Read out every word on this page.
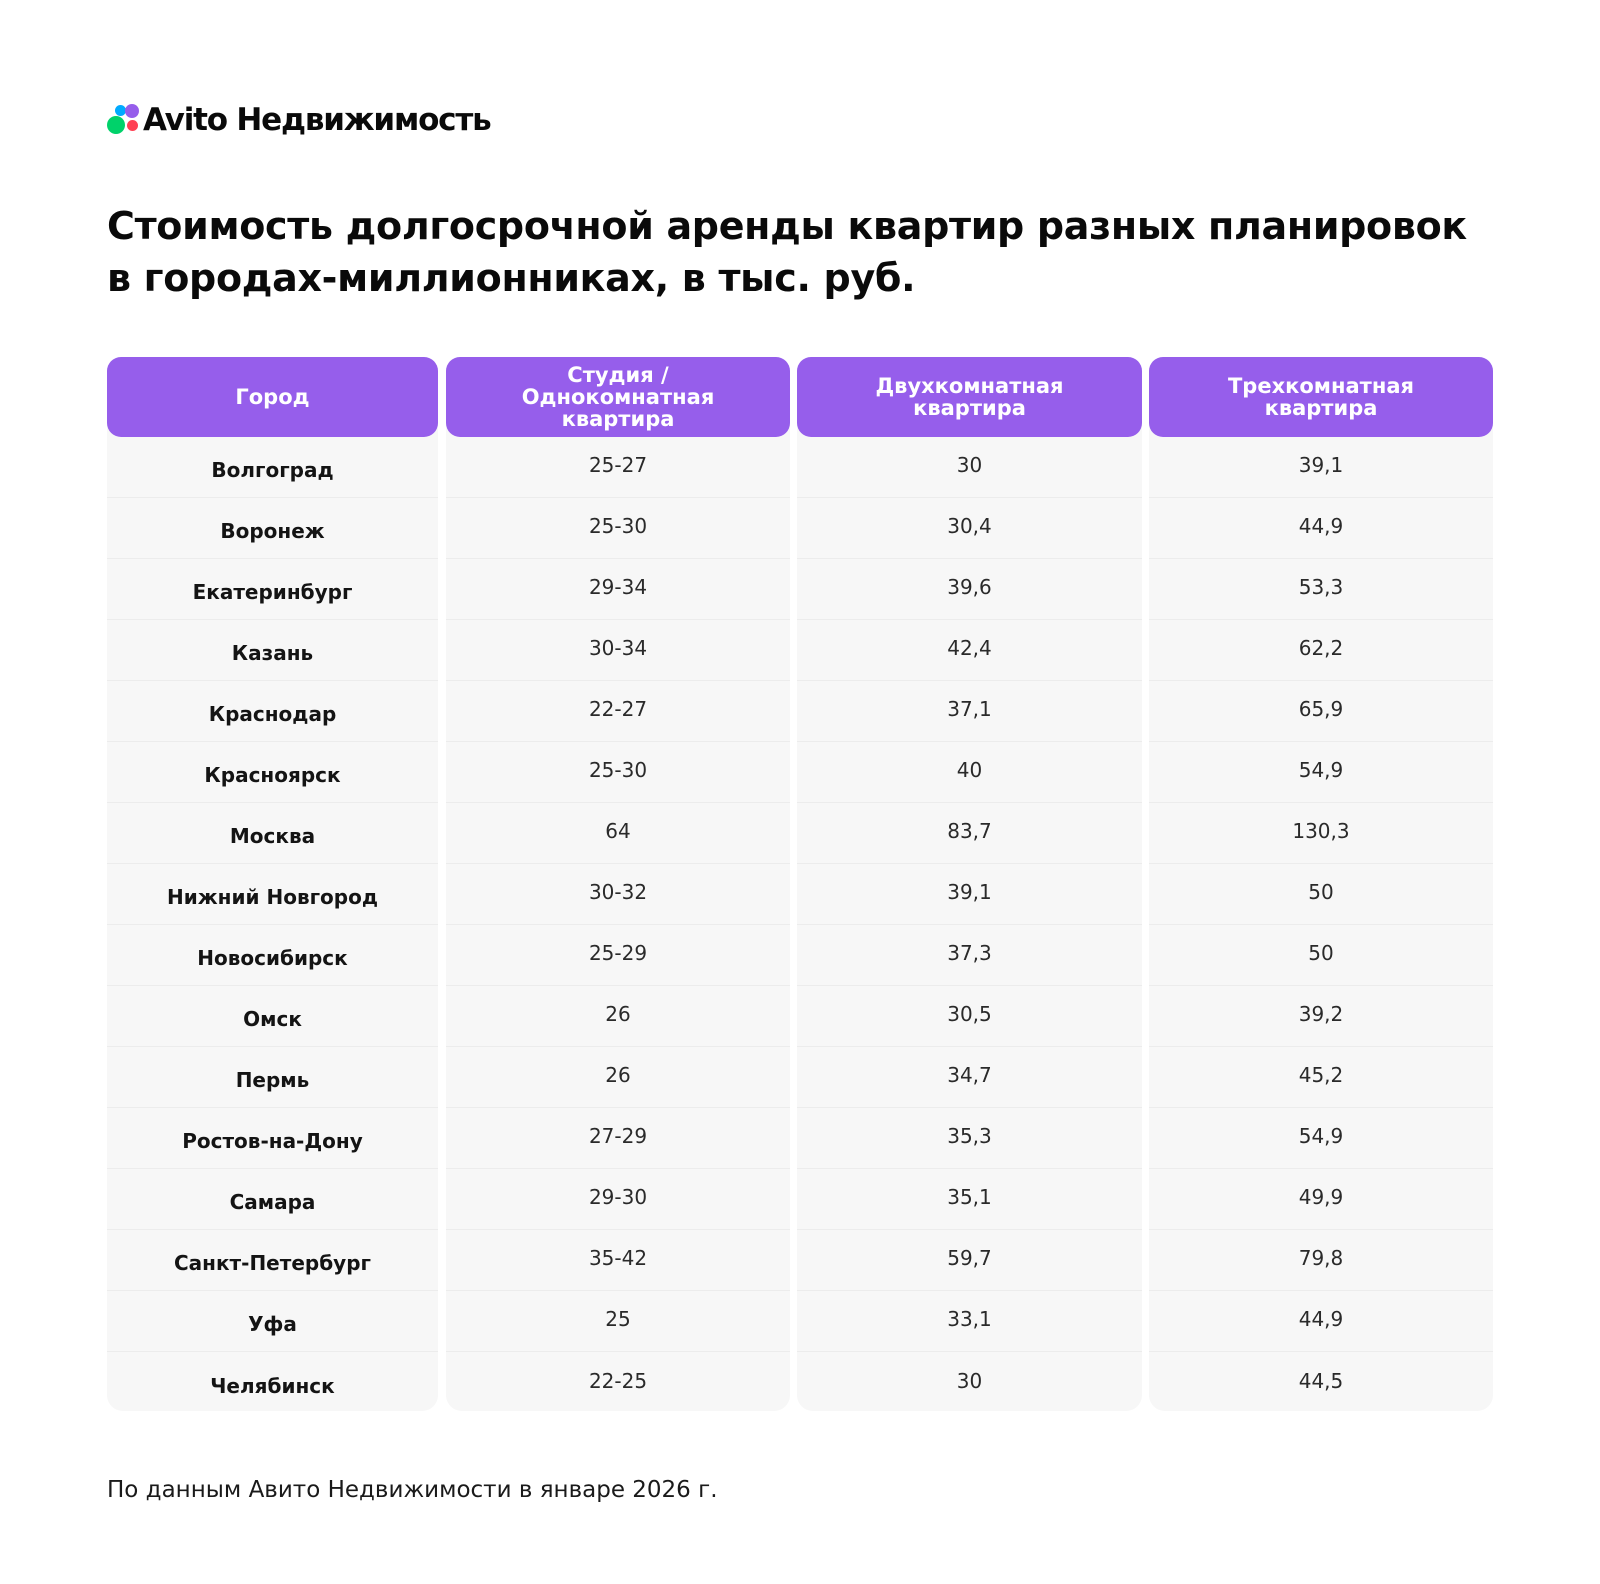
Avito Недвижимость
Стоимость долгосрочной аренды квартир разных планировок
в городах-миллионниках, в тыс. руб.
Город
Волгоград
Воронеж
Екатеринбург
Казань
Краснодар
Красноярск
Москва
Нижний Новгород
Новосибирск
Омск
Пермь
Ростов-на-Дону
Самара
Санкт-Петербург
Уфа
Челябинск
Студия /
Однокомнатная
квартира
25-27
25-30
29-34
30-34
22-27
25-30
64
30-32
25-29
26
26
27-29
29-30
35-42
25
22-25
Двухкомнатная
квартира
30
30,4
39,6
42,4
37,1
40
83,7
39,1
37,3
30,5
34,7
35,3
35,1
59,7
33,1
30
Трехкомнатная
квартира
39,1
44,9
53,3
62,2
65,9
54,9
130,3
50
50
39,2
45,2
54,9
49,9
79,8
44,9
44,5
По данным Авито Недвижимости в январе 2026 г.
